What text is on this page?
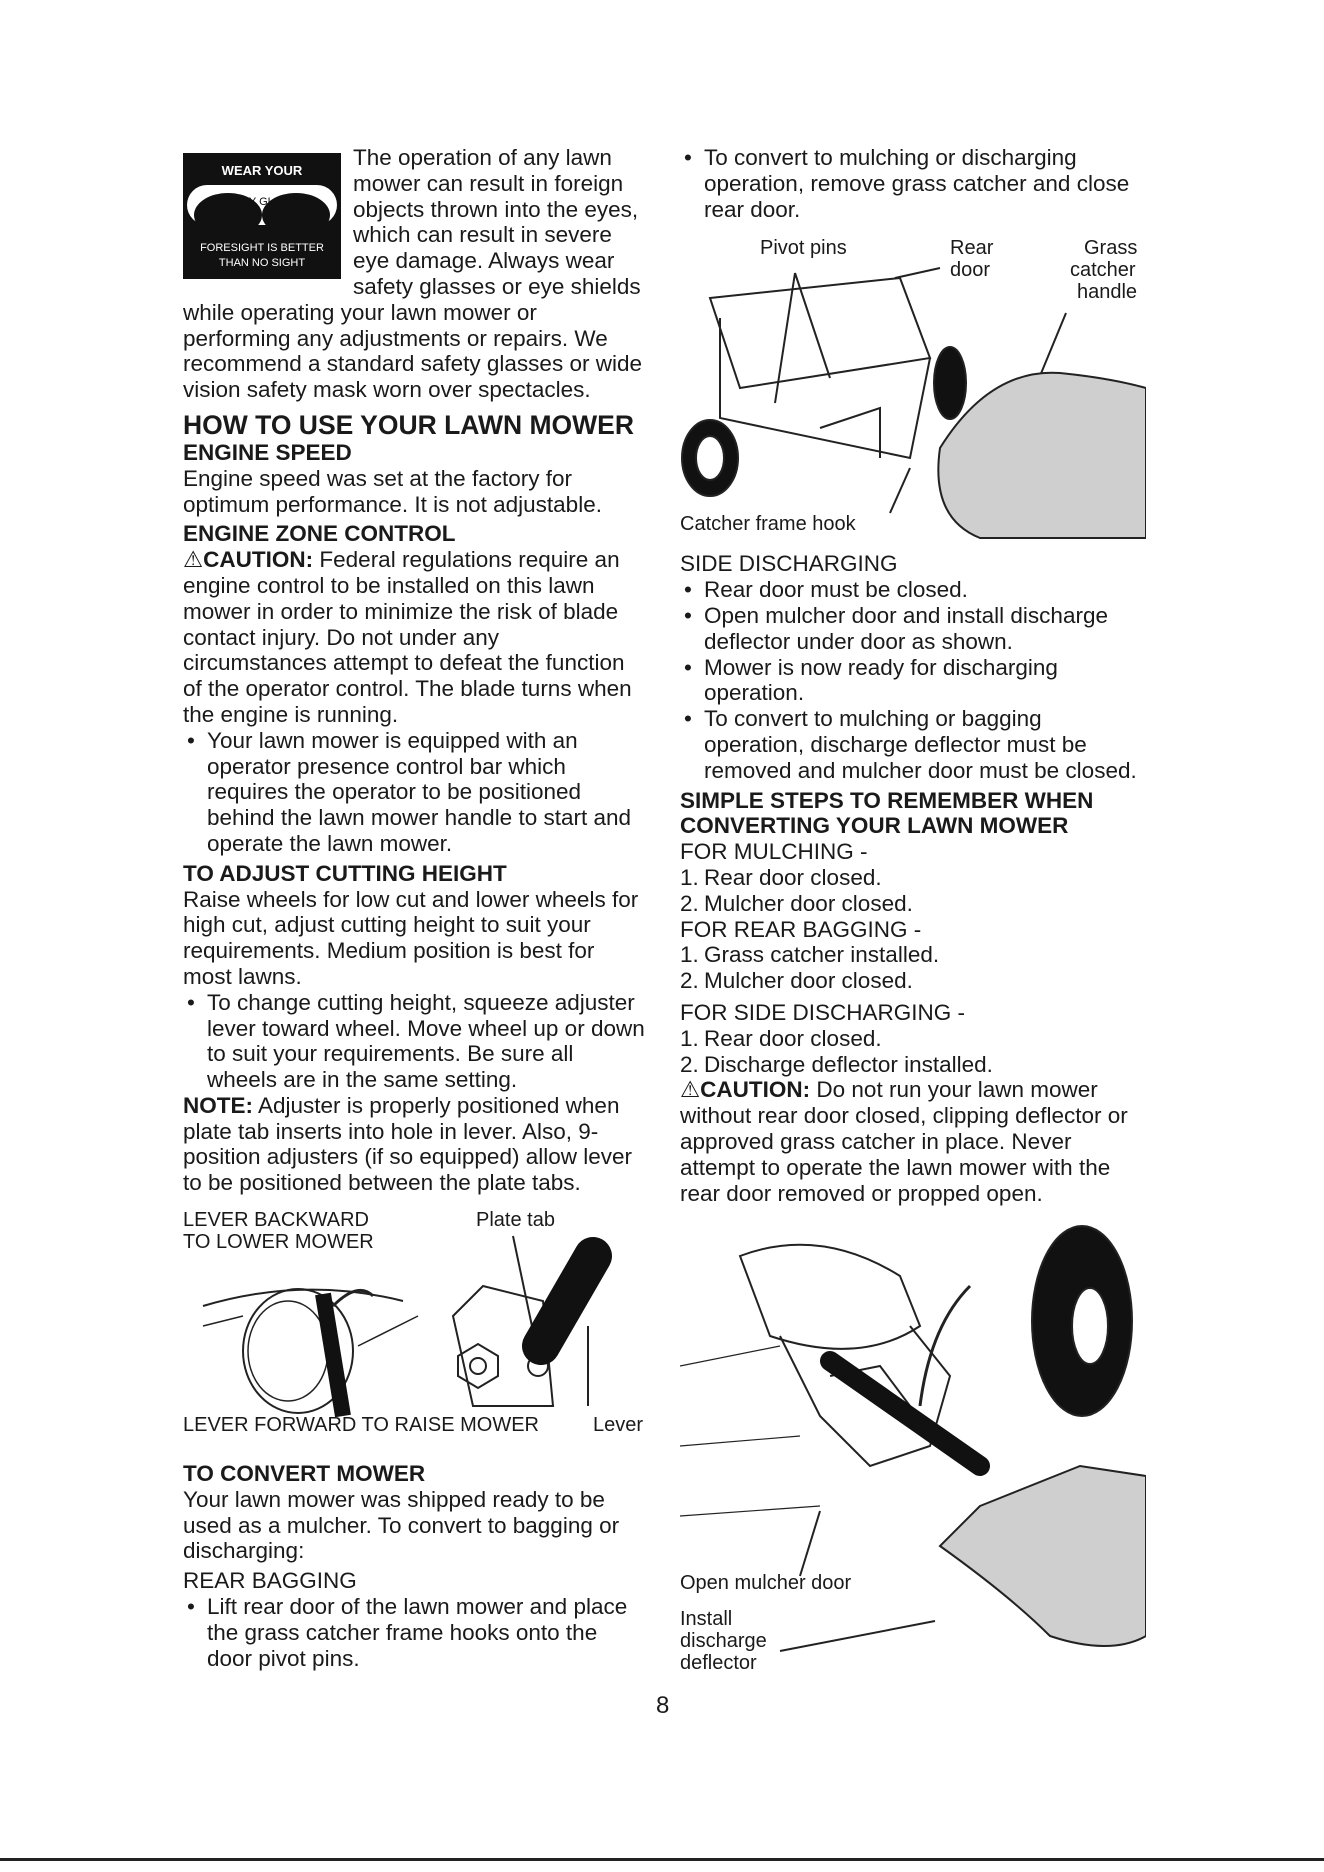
WEAR YOUR
SAFETY GLASSES
FORESIGHT IS BETTER
THAN NO SIGHT

The operation of any lawn mower can result in foreign objects thrown into the eyes, which can result in severe eye damage. Always wear safety glasses or eye shields while operating your lawn mower or performing any adjustments or repairs. We recommend a standard safety glasses or wide vision safety mask worn over spectacles.

HOW TO USE YOUR LAWN MOWER
ENGINE SPEED

Engine speed was set at the factory for optimum performance. It is not adjustable.

ENGINE ZONE CONTROL

⚠CAUTION: Federal regulations require an engine control to be installed on this lawn mower in order to minimize the risk of blade contact injury. Do not under any circumstances attempt to defeat the function of the operator control. The blade turns when the engine is running.

• Your lawn mower is equipped with an operator presence control bar which requires the operator to be positioned behind the lawn mower handle to start and operate the lawn mower.
TO ADJUST CUTTING HEIGHT

Raise wheels for low cut and lower wheels for high cut, adjust cutting height to suit your requirements. Medium position is best for most lawns.

• To change cutting height, squeeze adjuster lever toward wheel. Move wheel up or down to suit your requirements. Be sure all wheels are in the same setting.

NOTE: Adjuster is properly positioned when plate tab inserts into hole in lever. Also, 9-position adjusters (if so equipped) allow lever to be positioned between the plate tabs.

LEVER BACKWARD
TO LOWER MOWER
Plate tab
LEVER FORWARD TO RAISE MOWER	Lever
TO CONVERT MOWER

Your lawn mower was shipped ready to be used as a mulcher. To convert to bagging or discharging:

REAR BAGGING

• Lift rear door of the lawn mower and place the grass catcher frame hooks onto the door pivot pins.
• To convert to mulching or discharging operation, remove grass catcher and close rear door.
Pivot pins	Rear
door
Grass
catcher
handle
Catcher frame hook

SIDE DISCHARGING

• Rear door must be closed.
• Open mulcher door and install discharge deflector under door as shown.
• Mower is now ready for discharging operation.
• To convert to mulching or bagging operation, discharge deflector must be removed and mulcher door must be closed.
SIMPLE STEPS TO REMEMBER WHEN CONVERTING YOUR LAWN MOWER

FOR MULCHING -

1. Rear door closed.
2. Mulcher door closed.

FOR REAR BAGGING -

1. Grass catcher installed.
2. Mulcher door closed.

FOR SIDE DISCHARGING -

1. Rear door closed.
2. Discharge deflector installed.

⚠CAUTION: Do not run your lawn mower without rear door closed, clipping deflector or approved grass catcher in place. Never attempt to operate the lawn mower with the rear door removed or propped open.

Open mulcher door
Install
discharge
deflector
8
